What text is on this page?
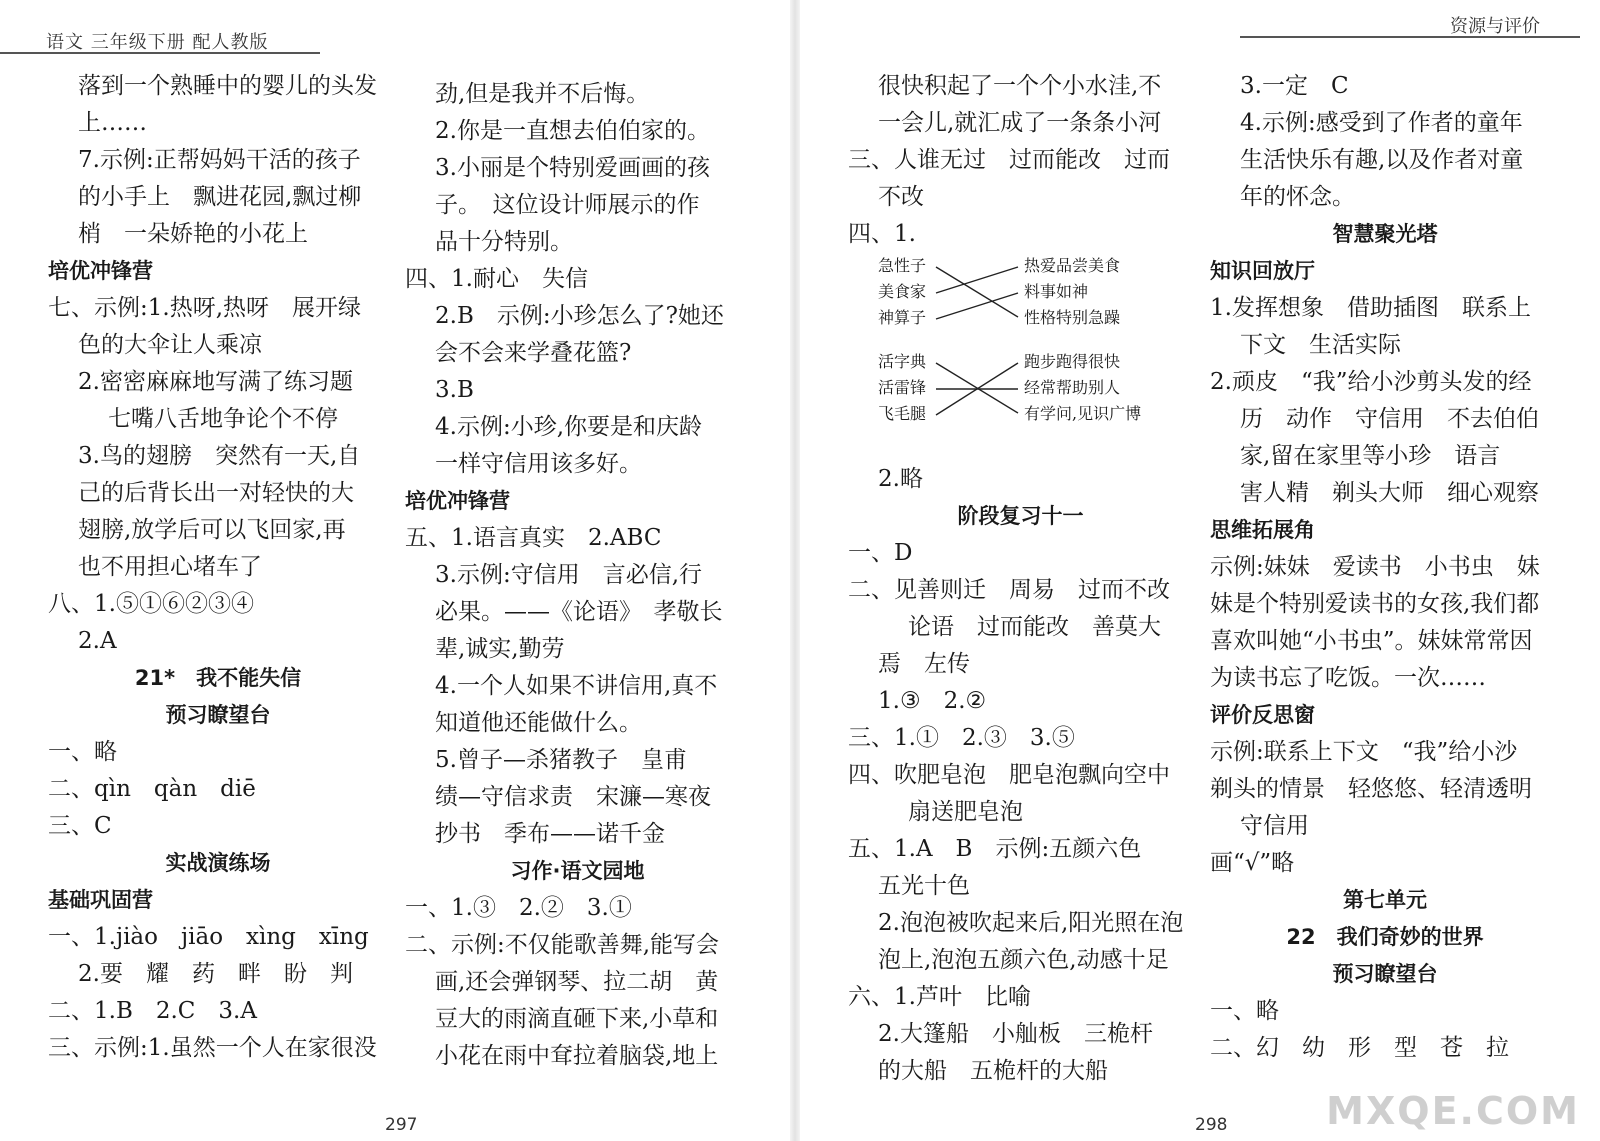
语文 三年级下册 配人教版
落到一个熟睡中的婴儿的头发
上……
7.示例:正帮妈妈干活的孩子
的小手上　飘进花园,飘过柳
梢　一朵娇艳的小花上
培优冲锋营
七、示例:1.热呀,热呀　展开绿
色的大伞让人乘凉
2.密密麻麻地写满了练习题
七嘴八舌地争论个不停
3.鸟的翅膀　突然有一天,自
己的后背长出一对轻快的大
翅膀,放学后可以飞回家,再
也不用担心堵车了
八、1.⑤①⑥②③④
2.A
21*　我不能失信
预习瞭望台
一、略
二、qìn　qàn　diē
三、C
实战演练场
基础巩固营
一、1.jiào　jiāo　xìng　xīng
2.要　耀　药　畔　盼　判
二、1.B　2.C　3.A
三、示例:1.虽然一个人在家很没
劲,但是我并不后悔。
2.你是一直想去伯伯家的。
3.小丽是个特别爱画画的孩
子。　这位设计师展示的作
品十分特别。
四、1.耐心　失信
2.B　示例:小珍怎么了?她还
会不会来学叠花篮?
3.B
4.示例:小珍,你要是和庆龄
一样守信用该多好。
培优冲锋营
五、1.语言真实　2.ABC
3.示例:守信用　言必信,行
必果。——《论语》　孝敬长
辈,诚实,勤劳
4.一个人如果不讲信用,真不
知道他还能做什么。
5.曾子—杀猪教子　皇甫
绩—守信求责　宋濂—寒夜
抄书　季布——诺千金
习作·语文园地
一、1.③　2.②　3.①
二、示例:不仅能歌善舞,能写会
画,还会弹钢琴、拉二胡　黄
豆大的雨滴直砸下来,小草和
小花在雨中耷拉着脑袋,地上
297
资源与评价
很快积起了一个个小水洼,不
一会儿,就汇成了一条条小河
三、人谁无过　过而能改　过而
不改
四、1.
急性子
美食家
神算子
活字典
活雷锋
飞毛腿
热爱品尝美食
料事如神
性格特别急躁
跑步跑得很快
经常帮助别人
有学问,见识广博
2.略
阶段复习十一
一、D
二、见善则迁　周易　过而不改
论语　过而能改　善莫大
焉　左传
1.③　2.②
三、1.①　2.③　3.⑤
四、吹肥皂泡　肥皂泡飘向空中
扇送肥皂泡
五、1.A　B　示例:五颜六色
五光十色
2.泡泡被吹起来后,阳光照在泡
泡上,泡泡五颜六色,动感十足
六、1.芦叶　比喻
2.大篷船　小舢板　三桅杆
的大船　五桅杆的大船
3.一定　C
4.示例:感受到了作者的童年
生活快乐有趣,以及作者对童
年的怀念。
智慧聚光塔
知识回放厅
1.发挥想象　借助插图　联系上
下文　生活实际
2.顽皮　“我”给小沙剪头发的经
历　动作　守信用　不去伯伯
家,留在家里等小珍　语言
害人精　剃头大师　细心观察
思维拓展角
示例:妹妹　爱读书　小书虫　妹
妹是个特别爱读书的女孩,我们都
喜欢叫她“小书虫”。妹妹常常因
为读书忘了吃饭。一次……
评价反思窗
示例:联系上下文　“我”给小沙
剃头的情景　轻悠悠、轻清透明
守信用
画“√”略
第七单元
22　我们奇妙的世界
预习瞭望台
一、略
二、幻　幼　形　型　苍　拉
298	MXQE.COM
